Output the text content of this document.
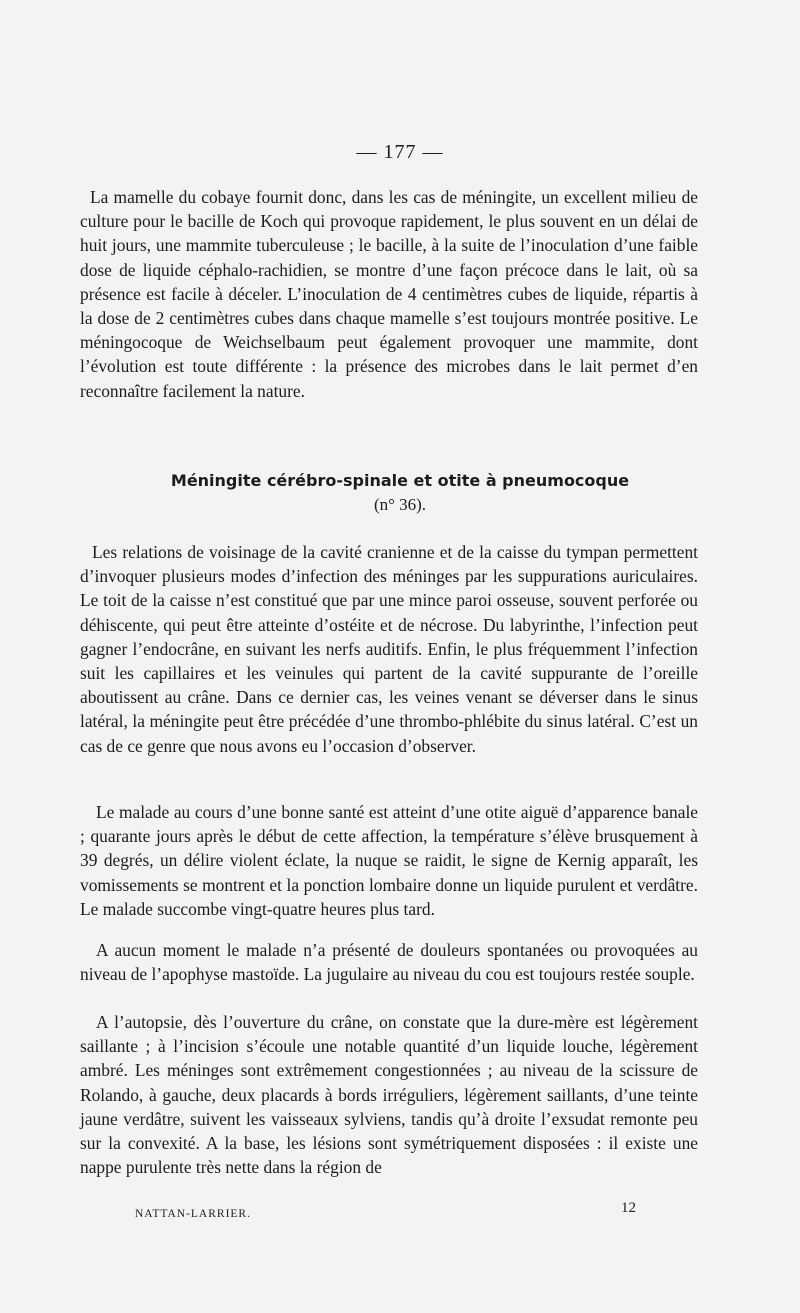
— 177 —

La mamelle du cobaye fournit donc, dans les cas de méningite, un excellent milieu de culture pour le bacille de Koch qui provoque rapidement, le plus souvent en un délai de huit jours, une mammite tuberculeuse ; le bacille, à la suite de l’inoculation d’une faible dose de liquide céphalo-rachidien, se montre d’une façon précoce dans le lait, où sa présence est facile à déceler. L’inoculation de 4 centimètres cubes de liquide, répartis à la dose de 2 centimètres cubes dans chaque mamelle s’est toujours montrée positive. Le méningocoque de Weichselbaum peut également provoquer une mammite, dont l’évolution est toute différente : la présence des microbes dans le lait permet d’en reconnaître facilement la nature.

Méningite cérébro-spinale et otite à pneumocoque
(n° 36).

Les relations de voisinage de la cavité cranienne et de la caisse du tympan permettent d’invoquer plusieurs modes d’infection des méninges par les suppurations auriculaires. Le toit de la caisse n’est constitué que par une mince paroi osseuse, souvent perforée ou déhiscente, qui peut être atteinte d’ostéite et de nécrose. Du labyrinthe, l’infection peut gagner l’endocrâne, en suivant les nerfs auditifs. Enfin, le plus fréquemment l’infection suit les capillaires et les veinules qui partent de la cavité suppurante de l’oreille aboutissent au crâne. Dans ce dernier cas, les veines venant se déverser dans le sinus latéral, la méningite peut être précédée d’une thrombo-phlébite du sinus latéral. C’est un cas de ce genre que nous avons eu l’occasion d’observer.

Le malade au cours d’une bonne santé est atteint d’une otite aiguë d’apparence banale ; quarante jours après le début de cette affection, la température s’élève brusquement à 39 degrés, un délire violent éclate, la nuque se raidit, le signe de Kernig apparaît, les vomissements se montrent et la ponction lombaire donne un liquide purulent et verdâtre. Le malade succombe vingt-quatre heures plus tard.

A aucun moment le malade n’a présenté de douleurs spontanées ou provoquées au niveau de l’apophyse mastoïde. La jugulaire au niveau du cou est toujours restée souple.

A l’autopsie, dès l’ouverture du crâne, on constate que la dure-mère est légèrement saillante ; à l’incision s’écoule une notable quantité d’un liquide louche, légèrement ambré. Les méninges sont extrêmement congestionnées ; au niveau de la scissure de Rolando, à gauche, deux placards à bords irréguliers, légèrement saillants, d’une teinte jaune verdâtre, suivent les vaisseaux sylviens, tandis qu’à droite l’exsudat remonte peu sur la convexité. A la base, les lésions sont symétriquement disposées : il existe une nappe purulente très nette dans la région de

NATTAN-LARRIER.	12
